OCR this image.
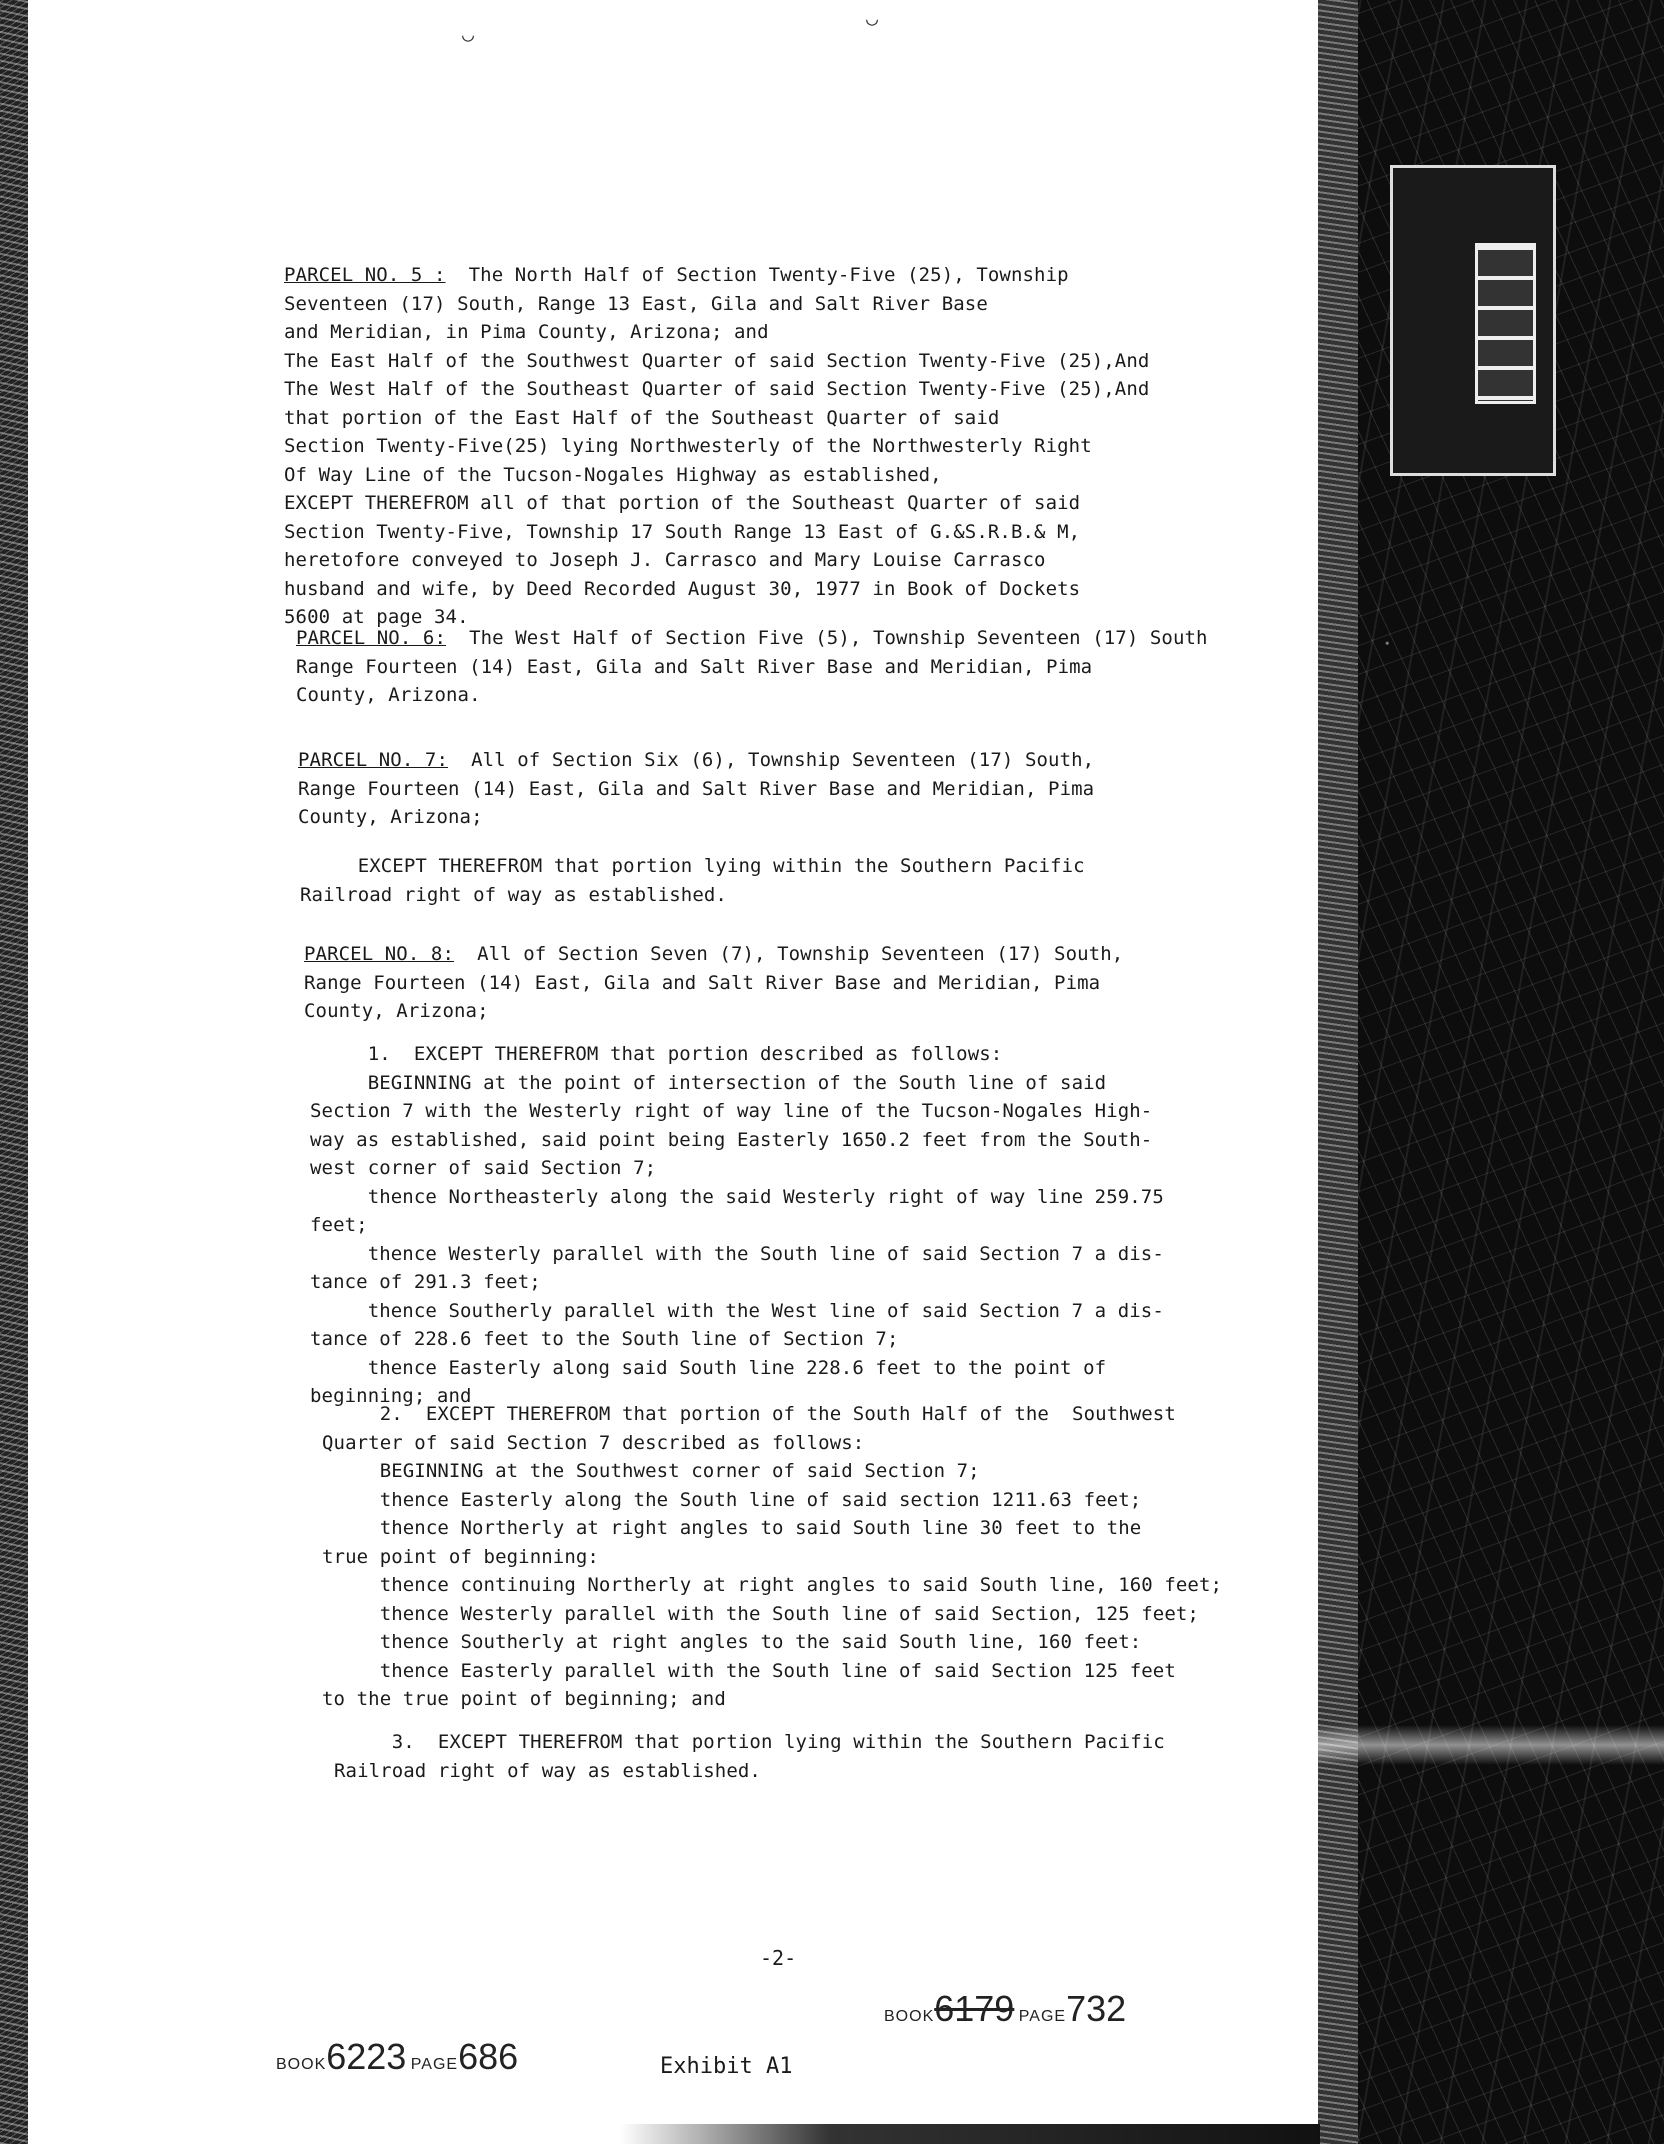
◡
◡
PARCEL NO. 5 : The North Half of Section Twenty-Five (25), Township
Seventeen (17) South, Range 13 East, Gila and Salt River Base
and Meridian, in Pima County, Arizona; and
The East Half of the Southwest Quarter of said Section Twenty-Five (25),And
The West Half of the Southeast Quarter of said Section Twenty-Five (25),And
that portion of the East Half of the Southeast Quarter of said
Section Twenty-Five(25) lying Northwesterly of the Northwesterly Right
Of Way Line of the Tucson-Nogales Highway as established,
EXCEPT THEREFROM all of that portion of the Southeast Quarter of said
Section Twenty-Five, Township 17 South Range 13 East of G.&S.R.B.& M,
heretofore conveyed to Joseph J. Carrasco and Mary Louise Carrasco
husband and wife, by Deed Recorded August 30, 1977 in Book of Dockets
5600 at page 34.
PARCEL NO. 6: The West Half of Section Five (5), Township Seventeen (17) South
Range Fourteen (14) East, Gila and Salt River Base and Meridian, Pima
County, Arizona.
PARCEL NO. 7: All of Section Six (6), Township Seventeen (17) South,
Range Fourteen (14) East, Gila and Salt River Base and Meridian, Pima
County, Arizona;
EXCEPT THEREFROM that portion lying within the Southern Pacific
Railroad right of way as established.
PARCEL NO. 8: All of Section Seven (7), Township Seventeen (17) South,
Range Fourteen (14) East, Gila and Salt River Base and Meridian, Pima
County, Arizona;
1.  EXCEPT THEREFROM that portion described as follows:
BEGINNING at the point of intersection of the South line of said
Section 7 with the Westerly right of way line of the Tucson-Nogales High-
way as established, said point being Easterly 1650.2 feet from the South-
west corner of said Section 7;
thence Northeasterly along the said Westerly right of way line 259.75
feet;
thence Westerly parallel with the South line of said Section 7 a dis-
tance of 291.3 feet;
thence Southerly parallel with the West line of said Section 7 a dis-
tance of 228.6 feet to the South line of Section 7;
thence Easterly along said South line 228.6 feet to the point of
beginning; and
2.  EXCEPT THEREFROM that portion of the South Half of the  Southwest
Quarter of said Section 7 described as follows:
BEGINNING at the Southwest corner of said Section 7;
thence Easterly along the South line of said section 1211.63 feet;
thence Northerly at right angles to said South line 30 feet to the
true point of beginning:
thence continuing Northerly at right angles to said South line, 160 feet;
thence Westerly parallel with the South line of said Section, 125 feet;
thence Southerly at right angles to the said South line, 160 feet:
thence Easterly parallel with the South line of said Section 125 feet
to the true point of beginning; and
3.  EXCEPT THEREFROM that portion lying within the Southern Pacific
Railroad right of way as established.
-2-
BOOK6179 PAGE732
BOOK6223 PAGE686	Exhibit A1
